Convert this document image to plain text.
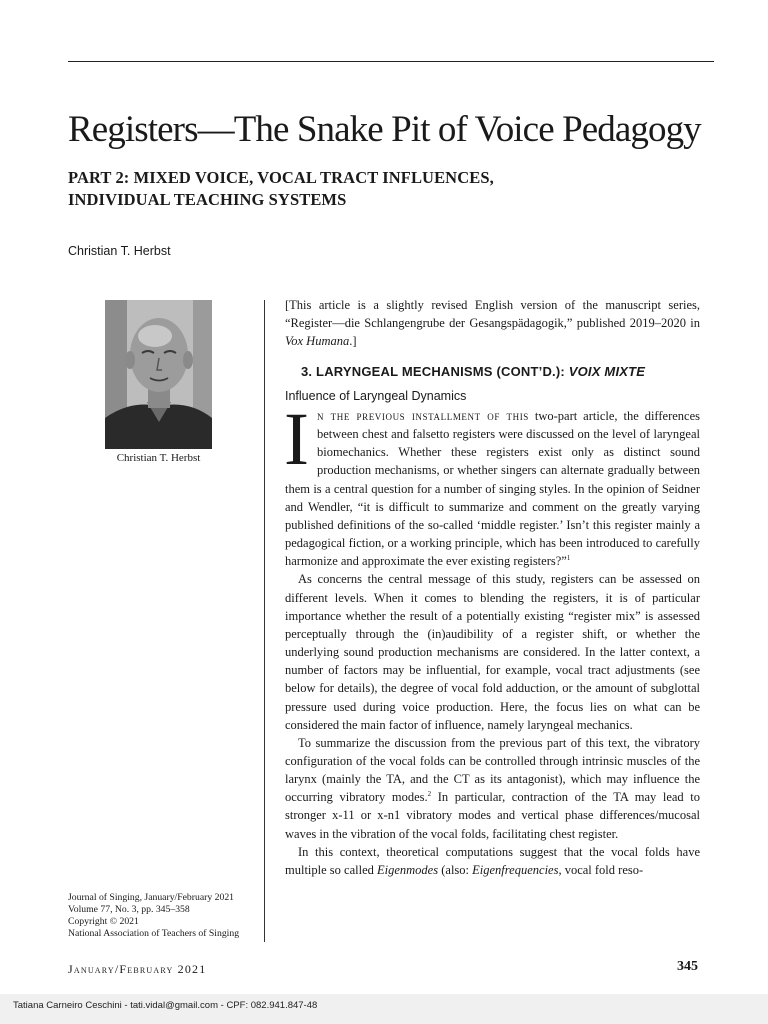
Registers—The Snake Pit of Voice Pedagogy
PART 2: MIXED VOICE, VOCAL TRACT INFLUENCES,
INDIVIDUAL TEACHING SYSTEMS
Christian T. Herbst
Christian T. Herbst
Journal of Singing, January/February 2021
Volume 77, No. 3, pp. 345–358
Copyright © 2021
National Association of Teachers of Singing

[This article is a slightly revised English version of the manuscript series, “Register—die Schlangengrube der Gesangspädagogik,” published 2019–2020 in Vox Humana.]

3. LARYNGEAL MECHANISMS (CONT’D.): VOIX MIXTE
Influence of Laryngeal Dynamics

In the previous installment of this two-part article, the differences between chest and falsetto registers were discussed on the level of laryngeal biomechanics. Whether these registers exist only as distinct sound production mechanisms, or whether singers can alternate gradually between them is a central question for a number of singing styles. In the opinion of Seidner and Wendler, “it is difficult to summarize and comment on the greatly varying published definitions of the so-called ‘middle register.’ Isn’t this register mainly a pedagogical fiction, or a working principle, which has been introduced to carefully harmonize and approximate the ever existing registers?”$^1$

As concerns the central message of this study, registers can be assessed on different levels. When it comes to blending the registers, it is of particular importance whether the result of a potentially existing “register mix” is assessed perceptually through the (in)audibility of a register shift, or whether the underlying sound production mechanisms are considered. In the latter context, a number of factors may be influential, for example, vocal tract adjustments (see below for details), the degree of vocal fold adduction, or the amount of subglottal pressure used during voice production. Here, the focus lies on what can be considered the main factor of influence, namely laryngeal mechanics.

To summarize the discussion from the previous part of this text, the vibratory configuration of the vocal folds can be controlled through intrinsic muscles of the larynx (mainly the TA, and the CT as its antagonist), which may influence the occurring vibratory modes.$^2$ In particular, contraction of the TA may lead to stronger x-11 or x-n1 vibratory modes and vertical phase differences/mucosal waves in the vibration of the vocal folds, facilitating chest register.

In this context, theoretical computations suggest that the vocal folds have multiple so called Eigenmodes (also: Eigenfrequencies, vocal fold reso-

January/February 2021	345
Tatiana Carneiro Ceschini - tati.vidal@gmail.com - CPF: 082.941.847-48
